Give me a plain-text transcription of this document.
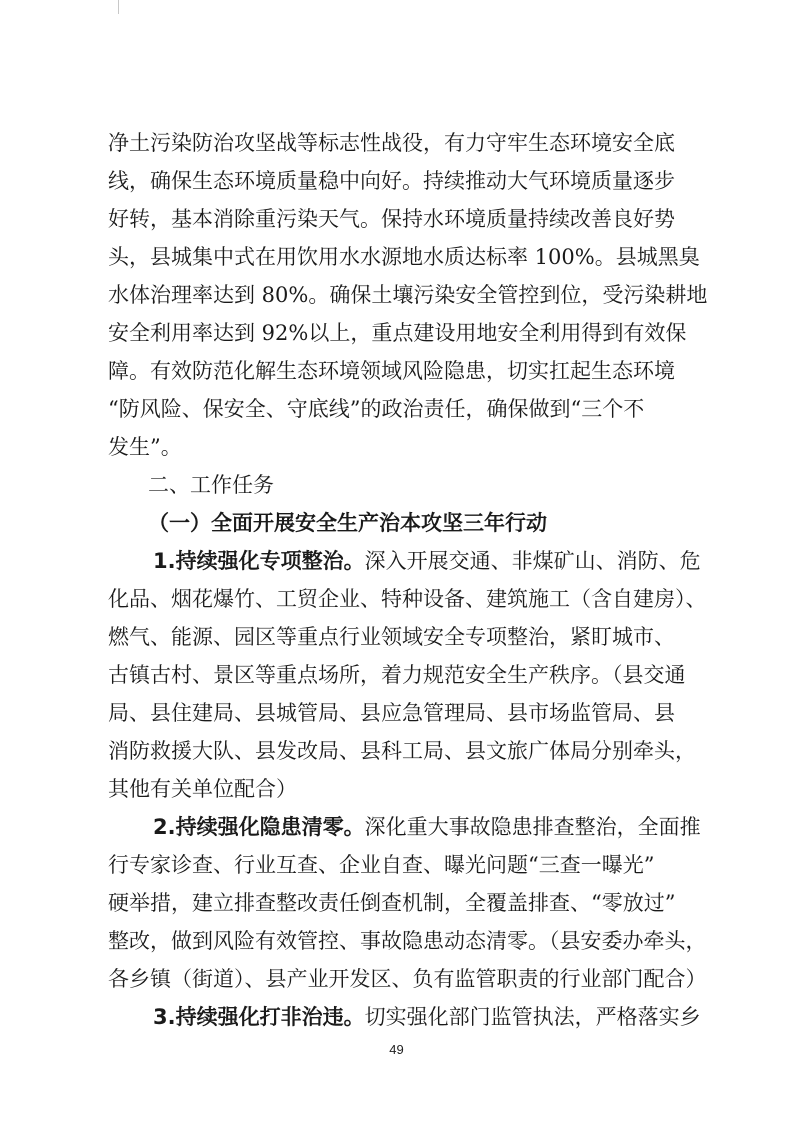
净土污染防治攻坚战等标志性战役，有力守牢生态环境安全底
线，确保生态环境质量稳中向好。持续推动大气环境质量逐步
好转，基本消除重污染天气。保持水环境质量持续改善良好势
头，县城集中式在用饮用水水源地水质达标率 100%。县城黑臭
水体治理率达到 80%。确保土壤污染安全管控到位，受污染耕地
安全利用率达到 92%以上，重点建设用地安全利用得到有效保
障。有效防范化解生态环境领域风险隐患，切实扛起生态环境
“防风险、保安全、守底线”的政治责任，确保做到“三个不
发生”。
二、工作任务
（一）全面开展安全生产治本攻坚三年行动
1.持续强化专项整治。深入开展交通、非煤矿山、消防、危
化品、烟花爆竹、工贸企业、特种设备、建筑施工（含自建房）、
燃气、能源、园区等重点行业领域安全专项整治，紧盯城市、
古镇古村、景区等重点场所，着力规范安全生产秩序。（县交通
局、县住建局、县城管局、县应急管理局、县市场监管局、县
消防救援大队、县发改局、县科工局、县文旅广体局分别牵头，
其他有关单位配合）
2.持续强化隐患清零。深化重大事故隐患排查整治，全面推
行专家诊查、行业互查、企业自查、曝光问题“三查一曝光”
硬举措，建立排查整改责任倒查机制，全覆盖排查、“零放过”
整改，做到风险有效管控、事故隐患动态清零。（县安委办牵头，
各乡镇（街道）、县产业开发区、负有监管职责的行业部门配合）
3.持续强化打非治违。切实强化部门监管执法，严格落实乡
49
